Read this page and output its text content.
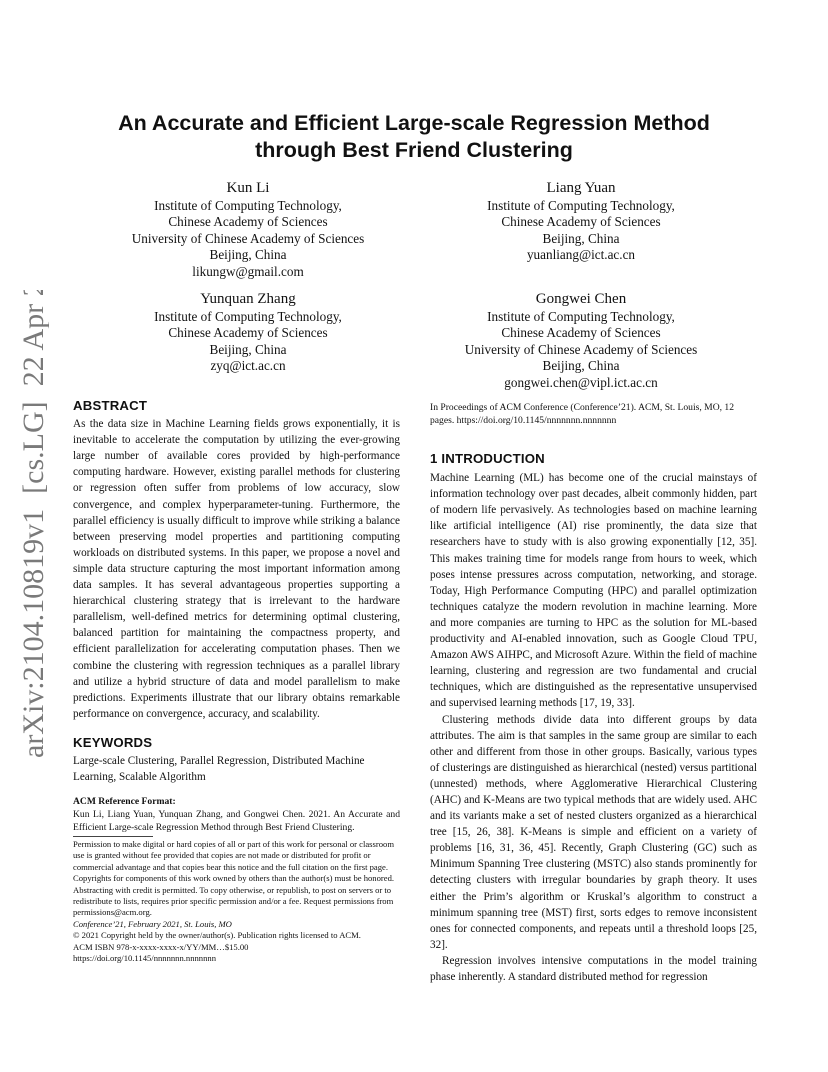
arXiv:2104.10819v1  [cs.LG]  22 Apr 2021
An Accurate and Efficient Large-scale Regression Method
through Best Friend Clustering
Kun Li
Institute of Computing Technology,
Chinese Academy of Sciences
University of Chinese Academy of Sciences
Beijing, China
likungw@gmail.com
Liang Yuan
Institute of Computing Technology,
Chinese Academy of Sciences
Beijing, China
yuanliang@ict.ac.cn
Yunquan Zhang
Institute of Computing Technology,
Chinese Academy of Sciences
Beijing, China
zyq@ict.ac.cn
Gongwei Chen
Institute of Computing Technology,
Chinese Academy of Sciences
University of Chinese Academy of Sciences
Beijing, China
gongwei.chen@vipl.ict.ac.cn
ABSTRACT

As the data size in Machine Learning fields grows exponentially, it is inevitable to accelerate the computation by utilizing the ever-growing large number of available cores provided by high-performance computing hardware. However, existing parallel methods for clustering or regression often suffer from problems of low accuracy, slow convergence, and complex hyperparameter-tuning. Furthermore, the parallel efficiency is usually difficult to improve while striking a balance between preserving model properties and partitioning computing workloads on distributed systems. In this paper, we propose a novel and simple data structure capturing the most important information among data samples. It has several advantageous properties supporting a hierarchical clustering strategy that is irrelevant to the hardware parallelism, well-defined metrics for determining optimal clustering, balanced partition for maintaining the compactness property, and efficient parallelization for accelerating computation phases. Then we combine the clustering with regression techniques as a parallel library and utilize a hybrid structure of data and model parallelism to make predictions. Experiments illustrate that our library obtains remarkable performance on convergence, accuracy, and scalability.

KEYWORDS

Large-scale Clustering, Parallel Regression, Distributed Machine Learning, Scalable Algorithm

ACM Reference Format:

Kun Li, Liang Yuan, Yunquan Zhang, and Gongwei Chen. 2021. An Accurate and Efficient Large-scale Regression Method through Best Friend Clustering.

Permission to make digital or hard copies of all or part of this work for personal or classroom use is granted without fee provided that copies are not made or distributed for profit or commercial advantage and that copies bear this notice and the full citation on the first page. Copyrights for components of this work owned by others than the author(s) must be honored. Abstracting with credit is permitted. To copy otherwise, or republish, to post on servers or to redistribute to lists, requires prior specific permission and/or a fee. Request permissions from permissions@acm.org.

Conference’21, February 2021, St. Louis, MO
© 2021 Copyright held by the owner/author(s). Publication rights licensed to ACM.
ACM ISBN 978-x-xxxx-xxxx-x/YY/MM…$15.00
https://doi.org/10.1145/nnnnnnn.nnnnnnn
In Proceedings of ACM Conference (Conference’21). ACM, St. Louis, MO, 12 pages. https://doi.org/10.1145/nnnnnnn.nnnnnnn
1 INTRODUCTION

Machine Learning (ML) has become one of the crucial mainstays of information technology over past decades, albeit commonly hidden, part of modern life pervasively. As technologies based on machine learning like artificial intelligence (AI) rise prominently, the data size that researchers have to study with is also growing exponentially [12, 35]. This makes training time for models range from hours to week, which poses intense pressures across computation, networking, and storage. Today, High Performance Computing (HPC) and parallel optimization techniques catalyze the modern revolution in machine learning. More and more companies are turning to HPC as the solution for ML-based productivity and AI-enabled innovation, such as Google Cloud TPU, Amazon AWS AIHPC, and Microsoft Azure. Within the field of machine learning, clustering and regression are two fundamental and crucial techniques, which are distinguished as the representative unsupervised and supervised learning methods [17, 19, 33].

Clustering methods divide data into different groups by data attributes. The aim is that samples in the same group are similar to each other and different from those in other groups. Basically, various types of clusterings are distinguished as hierarchical (nested) versus partitional (unnested) methods, where Agglomerative Hierarchical Clustering (AHC) and K-Means are two typical methods that are widely used. AHC and its variants make a set of nested clusters organized as a hierarchical tree [15, 26, 38]. K-Means is simple and efficient on a variety of problems [16, 31, 36, 45]. Recently, Graph Clustering (GC) such as Minimum Spanning Tree clustering (MSTC) also stands prominently for detecting clusters with irregular boundaries by graph theory. It uses either the Prim’s algorithm or Kruskal’s algorithm to construct a minimum spanning tree (MST) first, sorts edges to remove inconsistent ones for connected components, and repeats until a threshold loops [25, 32].

Regression involves intensive computations in the model training phase inherently. A standard distributed method for regression
